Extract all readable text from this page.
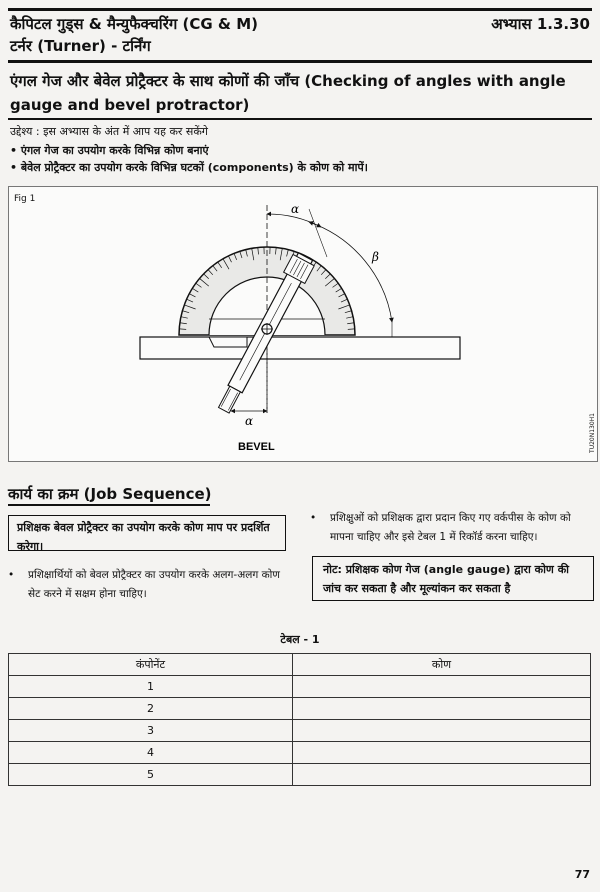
कैपिटल गुड्स & मैन्युफैक्चरिंग (CG & M)	अभ्यास 1.3.30
टर्नर (Turner) - टर्निंग
एंगल गेज और बेवेल प्रोट्रैक्टर के साथ कोणों की जाँच (Checking of angles with angle gauge and bevel protractor)
उद्देश्य : इस अभ्यास के अंत में आप यह कर सकेंगे
• एंगल गेज का उपयोग करके विभिन्न कोण बनाएं
• बेवेल प्रोट्रैक्टर का उपयोग करके विभिन्न घटकों (components) के कोण को मापें।
Fig 1
TU20N130H1
α
β
α
BEVEL
कार्य का क्रम (Job Sequence)
प्रशिक्षक बेवल प्रोट्रैक्टर का उपयोग करके कोण माप पर प्रदर्शित करेगा।
• प्रशिक्षार्थियों को बेवल प्रोट्रैक्टर का उपयोग करके अलग-अलग कोण सेट करने में सक्षम होना चाहिए।
• प्रशिक्षुओं को प्रशिक्षक द्वारा प्रदान किए गए वर्कपीस के कोण को मापना चाहिए और इसे टेबल 1 में रिकॉर्ड करना चाहिए।
नोट: प्रशिक्षक कोण गेज (angle gauge) द्वारा कोण की जांच कर सकता है और मूल्यांकन कर सकता है
टेबल - 1
कंपोनेंट	कोण
1	
2	
3	
4	
5	
77
